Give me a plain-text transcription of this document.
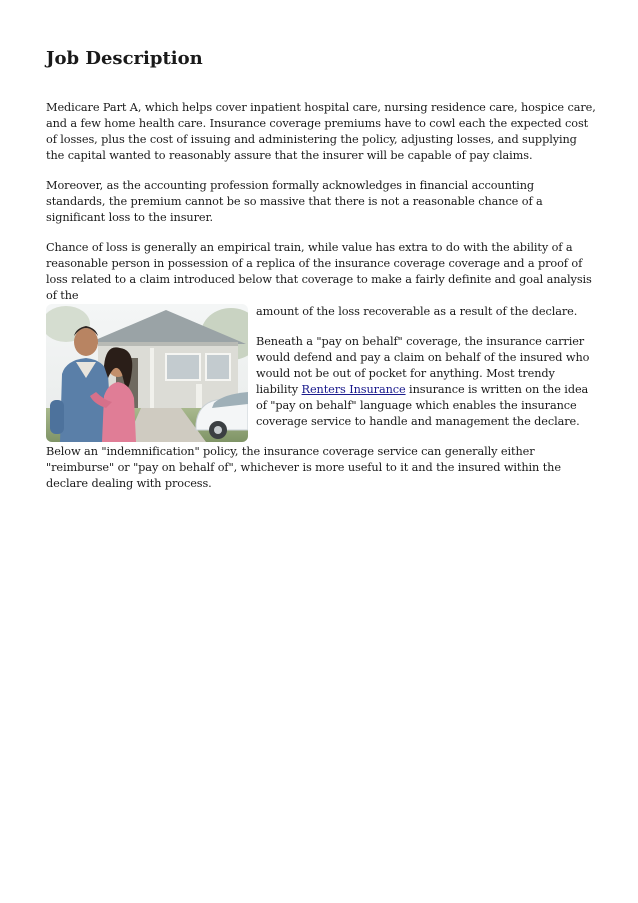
Job Description

Medicare Part A, which helps cover inpatient hospital care, nursing residence care, hospice care, and a few home health care. Insurance coverage premiums have to cowl each the expected cost of losses, plus the cost of issuing and administering the policy, adjusting losses, and supplying the capital wanted to reasonably assure that the insurer will be capable of pay claims.

Moreover, as the accounting profession formally acknowledges in financial accounting standards, the premium cannot be so massive that there is not a reasonable chance of a significant loss to the insurer.

Chance of loss is generally an empirical train, while value has extra to do with the ability of a reasonable person in possession of a replica of the insurance coverage coverage and a proof of loss related to a claim introduced below that coverage to make a fairly definite and goal analysis of the

amount of the loss recoverable as a result of the declare.

Beneath a "pay on behalf" coverage, the insurance carrier would defend and pay a claim on behalf of the insured who would not be out of pocket for anything. Most trendy liability Renters Insurance insurance is written on the idea of "pay on behalf" language which enables the insurance coverage service to handle and management the declare.

Below an "indemnification" policy, the insurance coverage service can generally either "reimburse" or "pay on behalf of", whichever is more useful to it and the insured within the declare dealing with process.
